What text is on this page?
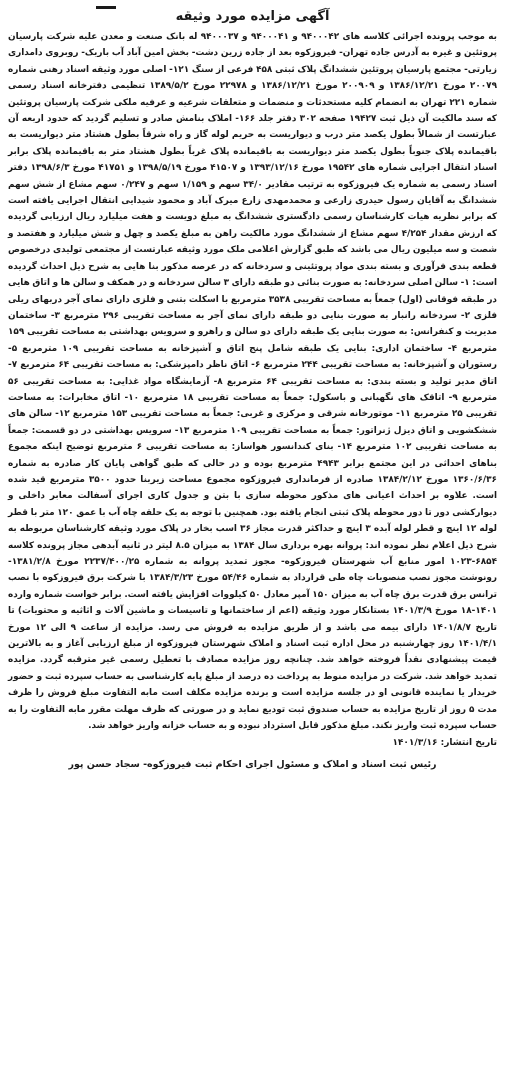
آگهی مزایده مورد وثیقه

به موجب پرونده اجرائی کلاسه های ۹۴۰۰۰۴۲ و ۹۴۰۰۰۴۱ و ۹۴۰۰۰۳۷ له بانک صنعت و معدن علیه شرکت پارسیان پروتئین و غیره به آدرس جاده تهران- فیروزکوه بعد از جاده زرین دشت- بخش امین آباد آب باریک- روبروی دامداری زیارتی- مجتمع پارسیان پروتئین ششدانگ پلاک ثبتی ۴۵۸ فرعی از سنگ ۱۲۱- اصلی مورد وثیقه اسناد رهنی شماره ۲۰۰۷۹ مورخ ۱۳۸۶/۱۲/۲۱ و ۲۰۰۹۰۹ مورخ ۱۳۸۶/۱۲/۲۱ و ۲۲۹۷۸ مورخ ۱۳۸۹/۵/۲ تنظیمی دفترخانه اسناد رسمی شماره ۲۲۱ تهران به انضمام کلیه مستحدثات و منضمات و متعلقات شرعیه و عرفیه ملکی شرکت پارسیان پروتئین که سند مالکیت آن ذیل ثبت ۱۹۴۲۷ صفحه ۳۰۲ دفتر جلد ۱۶۶- املاک بنامش صادر و تسلیم گردید که حدود اربعه آن عبارتست از شمالاً بطول یکصد متر درب و دیواریست به حریم لوله گاز و راه شرقاً بطول هشتاد متر دیواریست به باقیمانده پلاک جنوباً بطول یکصد متر دیواریست به باقیمانده پلاک غرباً بطول هشتاد متر به باقیمانده پلاک برابر اسناد انتقال اجرایی شماره های ۱۹۵۴۲ مورخ ۱۳۹۳/۱۲/۱۶ و ۴۱۵۰۷ مورخ ۱۳۹۸/۵/۱۹ و ۴۱۷۵۱ مورخ ۱۳۹۸/۶/۳ دفتر اسناد رسمی به شماره یک فیروزکوه به ترتیب مقادیر ۳۴/۰ سهم و ۱/۱۵۹ سهم و ۰/۲۴۷ سهم مشاع از شش سهم ششدانگ به آقایان رسول حیدری زارعی و محمدمهدی زارع میرک آباد و محمود شیدایی انتقال اجرایی یافته است که برابر نظریه هیات کارشناسان رسمی دادگستری ششدانگ به مبلغ دویست و هفت میلیارد ریال ارزیابی گردیده که ارزش مقدار ۴/۲۵۴ سهم مشاع از ششدانگ مورد مالکیت راهن به مبلغ یکصد و چهل و شش میلیارد و هفتصد و شصت و سه میلیون ریال می باشد که طبق گزارش اعلامی ملک مورد وثیقه عبارتست از مجتمعی تولیدی درخصوص قطعه بندی فرآوری و بسته بندی مواد پروتئینی و سردخانه که در عرصه مذکور بنا هایی به شرح ذیل احداث گردیده است: ۱- سالن اصلی سردخانه: به صورت بنائی دو طبقه دارای ۳ سالن سردخانه و در همکف و سالن ها و اتاق هایی در طبقه فوقانی (اول) جمعاً به مساحت تقریبی ۳۵۳۸ مترمربع با اسکلت بتنی و فلزی دارای نمای آجر دربهای ریلی فلزی ۲- سردخانه رانبار به صورت بنایی دو طبقه دارای نمای آجر به مساحت تقریبی ۲۹۶ مترمربع ۳- ساختمان مدیریت و کنفرانس: به صورت بنایی یک طبقه دارای دو سالن و راهرو و سرویس بهداشتی به مساحت تقریبی ۱۵۹ مترمربع ۴- ساختمان اداری: بنایی یک طبقه شامل پنج اتاق و آشپزخانه به مساحت تقریبی ۱۰۹ مترمربع ۵- رستوران و آشپزخانه: به مساحت تقریبی ۲۴۴ مترمربع ۶- اتاق ناظر دامپزشکی: به مساحت تقریبی ۶۴ مترمربع ۷- اتاق مدیر تولید و بسته بندی: به مساحت تقریبی ۶۴ مترمربع ۸- آزمایشگاه مواد غذایی: به مساحت تقریبی ۵۶ مترمربع ۹- اتاقک های نگهبانی و باسکول: جمعاً به مساحت تقریبی ۱۸ مترمربع ۱۰- اتاق مخابرات: به مساحت تقریبی ۲۵ مترمربع ۱۱- موتورخانه شرقی و مرکزی و غربی: جمعاً به مساحت تقریبی ۱۵۳ مترمربع ۱۲- سالن های ششکشویی و اتاق دیزل ژنراتور: جمعاً به مساحت تقریبی ۱۰۹ مترمربع ۱۳- سرویس بهداشتی در دو قسمت: جمعاً به مساحت تقریبی ۱۰۲ مترمربع ۱۴- بنای کندانسور هواساز: به مساحت تقریبی ۶ مترمربع توضیح اینکه مجموع بناهای احداثی در این مجتمع برابر ۴۹۴۳ مترمربع بوده و در حالی که طبق گواهی پایان کار صادره به شماره ۱۳۶۰/۶/۳۶ مورخ ۱۳۸۴/۲/۱۲ صادره از فرمانداری فیروزکوه مجموع مساحت زیربنا حدود ۳۵۰۰ مترمربع قید شده است. علاوه بر احداث اعیانی های مذکور محوطه سازی با بتن و جدول کاری اجرای آسفالت معابر داخلی و دیوارکشی دور تا دور محوطه پلاک ثبتی انجام یافته بود. همچنین با توجه به یک حلقه چاه آب با عمق ۱۲۰ متر با قطر لوله ۱۲ اینچ و قطر لوله آبده ۳ اینچ و حداکثر قدرت مجاز ۳۶ اسب بخار در پلاک مورد وثیقه کارشناسان مربوطه به شرح ذیل اعلام نظر نموده اند: پروانه بهره برداری سال ۱۳۸۴ به میزان ۸.۵ لیتر در ثانیه آبدهی مجاز پرونده کلاسه ۶۸۵۴-۱۰۲۳ امور منابع آب شهرستان فیروزکوه- مجوز تمدید پروانه به شماره ۲۲۳۷/۴۰۰/۲۵ مورخ ۱۳۸۱/۲/۸- رونوشت مجوز نصب منصوبات چاه طی قرارداد به شماره ۵۴/۴۶ مورخ ۱۳۸۴/۳/۲۳ با شرکت برق فیروزکوه با نصب ترانس برق قدرت برق چاه آب به میزان ۱۵۰ آمپر معادل ۵۰ کیلووات افزایش یافته است. برابر خواست شماره وارده ۱۴۰۱-۱۸ مورخ ۱۴۰۱/۳/۹ بستانکار مورد وثیقه (اعم از ساختمانها و تاسیسات و ماشین آلات و اثاثیه و محتویات) تا تاریخ ۱۴۰۱/۸/۷ دارای بیمه می باشد و از طریق مزایده به فروش می رسد. مزایده از ساعت ۹ الی ۱۲ مورخ ۱۴۰۱/۴/۱ روز چهارشنبه در محل اداره ثبت اسناد و املاک شهرستان فیروزکوه از مبلغ ارزیابی آغاز و به بالاترین قیمت پیشنهادی نقداً فروخته خواهد شد. چنانچه روز مزایده مصادف با تعطیل رسمی غیر مترقبه گردد. مزایده تمدید خواهد شد. شرکت در مزایده منوط به پرداخت ده درصد از مبلغ پایه کارشناسی به حساب سپرده ثبت و حضور خریدار یا نماینده قانونی او در جلسه مزایده است و برنده مزایده مکلف است مابه التفاوت مبلغ فروش را ظرف مدت ۵ روز از تاریخ مزایده به حساب صندوق ثبت تودیع نماید و در صورتی که ظرف مهلت مقرر مابه التفاوت را به حساب سپرده ثبت واریز نکند. مبلغ مذکور قابل استرداد نبوده و به حساب خزانه واریز خواهد شد.

تاریخ انتشار: ۱۴۰۱/۳/۱۶

رئیس ثبت اسناد و املاک و مسئول اجرای احکام ثبت فیروزکوه- سجاد حسن پور
